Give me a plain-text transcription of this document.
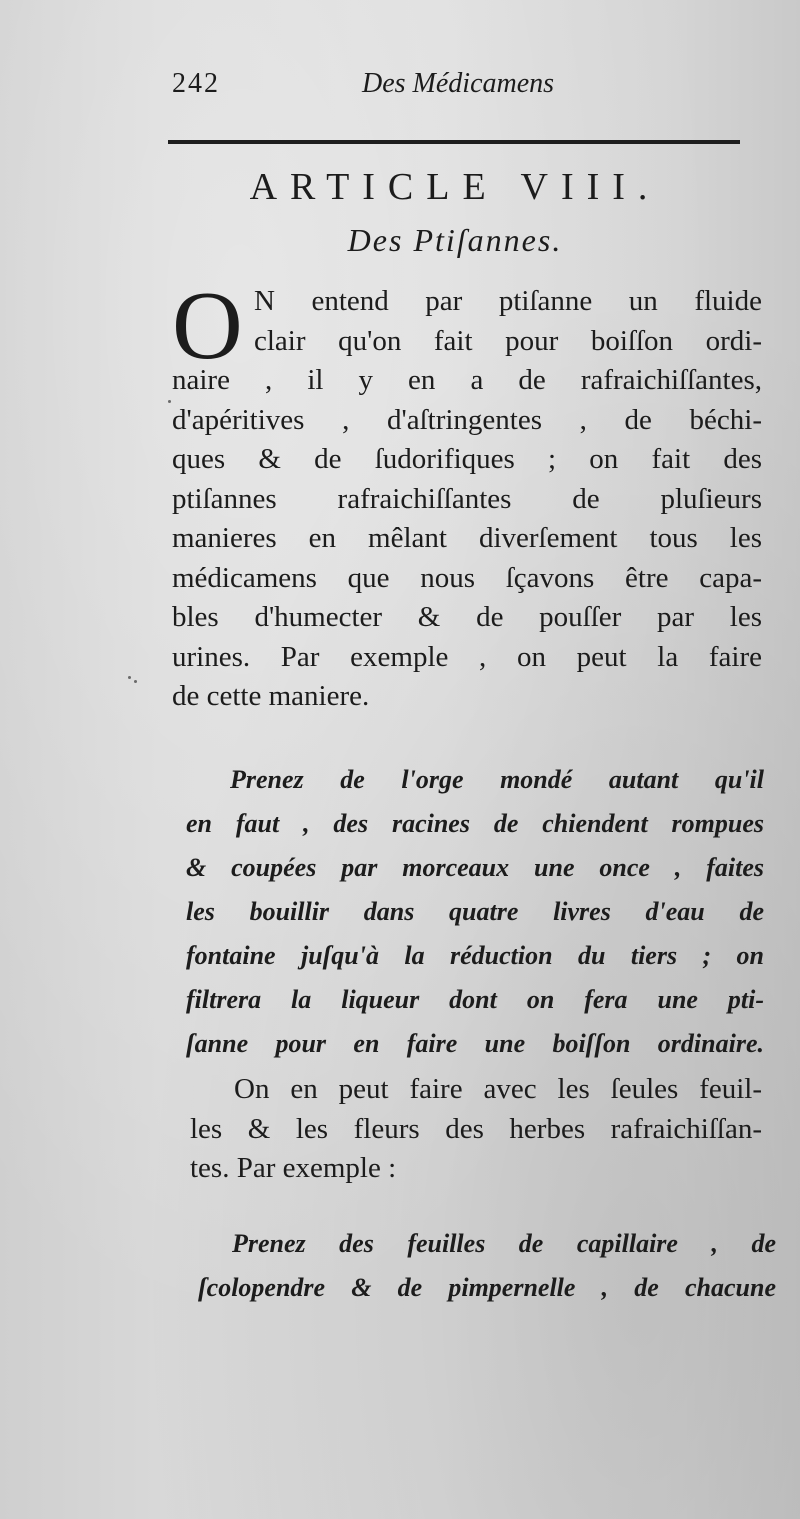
242	Des Médicamens
ARTICLE VIII.
Des Ptiſannes.
O N entend par ptiſanne un fluide
clair qu'on fait pour boiſſon ordi-
naire , il y en a de rafraichiſſantes,
d'apéritives , d'aſtringentes , de béchi-
ques & de ſudorifiques ; on fait des
ptiſannes rafraichiſſantes de pluſieurs
manieres en mêlant diverſement tous les
médicamens que nous ſçavons être capa-
bles d'humecter & de pouſſer par les
urines. Par exemple , on peut la faire
de cette maniere.
Prenez de l'orge mondé autant qu'il
en faut , des racines de chiendent rompues
& coupées par morceaux une once , faites
les bouillir dans quatre livres d'eau de
fontaine juſqu'à la réduction du tiers ; on
filtrera la liqueur dont on fera une pti-
ſanne pour en faire une boiſſon ordinaire.
On en peut faire avec les ſeules feuil-
les & les fleurs des herbes rafraichiſſan-
tes. Par exemple :
Prenez des feuilles de capillaire , de
ſcolopendre & de pimpernelle , de chacune
